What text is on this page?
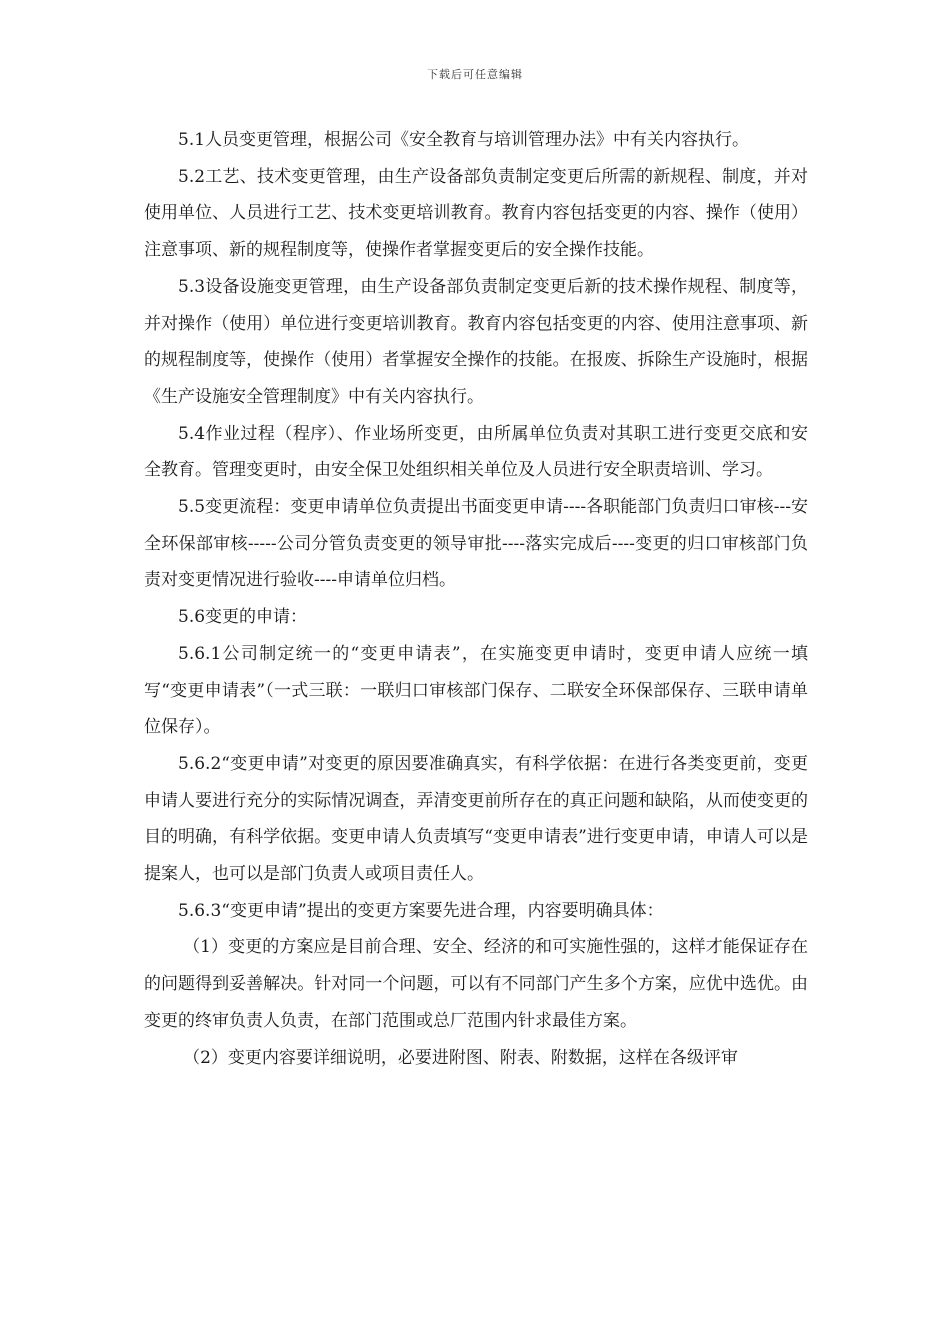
下载后可任意编辑

5.1人员变更管理，根据公司《安全教育与培训管理办法》中有关内容执行。

5.2工艺、技术变更管理，由生产设备部负责制定变更后所需的新规程、制度，并对使用单位、人员进行工艺、技术变更培训教育。教育内容包括变更的内容、操作（使用）注意事项、新的规程制度等，使操作者掌握变更后的安全操作技能。

5.3设备设施变更管理，由生产设备部负责制定变更后新的技术操作规程、制度等，并对操作（使用）单位进行变更培训教育。教育内容包括变更的内容、使用注意事项、新的规程制度等，使操作（使用）者掌握安全操作的技能。在报废、拆除生产设施时，根据《生产设施安全管理制度》中有关内容执行。

5.4作业过程（程序）、作业场所变更，由所属单位负责对其职工进行变更交底和安全教育。管理变更时，由安全保卫处组织相关单位及人员进行安全职责培训、学习。

5.5变更流程：变更申请单位负责提出书面变更申请----各职能部门负责归口审核---安全环保部审核-----公司分管负责变更的领导审批----落实完成后----变更的归口审核部门负责对变更情况进行验收----申请单位归档。

5.6变更的申请：

5.6.1公司制定统一的“变更申请表”，在实施变更申请时，变更申请人应统一填写“变更申请表”（一式三联：一联归口审核部门保存、二联安全环保部保存、三联申请单位保存）。

5.6.2“变更申请”对变更的原因要准确真实，有科学依据：在进行各类变更前，变更申请人要进行充分的实际情况调查，弄清变更前所存在的真正问题和缺陷，从而使变更的目的明确，有科学依据。变更申请人负责填写“变更申请表”进行变更申请，申请人可以是提案人，也可以是部门负责人或项目责任人。

5.6.3“变更申请”提出的变更方案要先进合理，内容要明确具体：

（1）变更的方案应是目前合理、安全、经济的和可实施性强的，这样才能保证存在的问题得到妥善解决。针对同一个问题，可以有不同部门产生多个方案，应优中选优。由变更的终审负责人负责，在部门范围或总厂范围内针求最佳方案。

（2）变更内容要详细说明，必要进附图、附表、附数据，这样在各级评审
